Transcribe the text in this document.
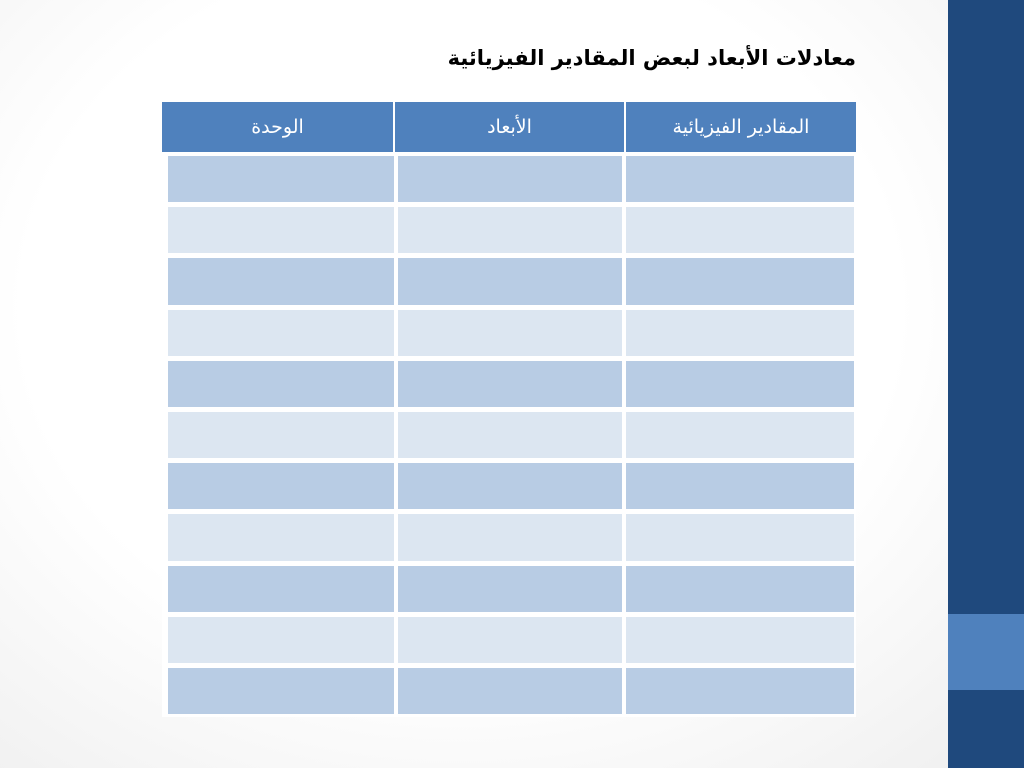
معادلات الأبعاد لبعض المقادير الفيزيائية
المقادير الفيزيائية
الأبعاد
الوحدة
